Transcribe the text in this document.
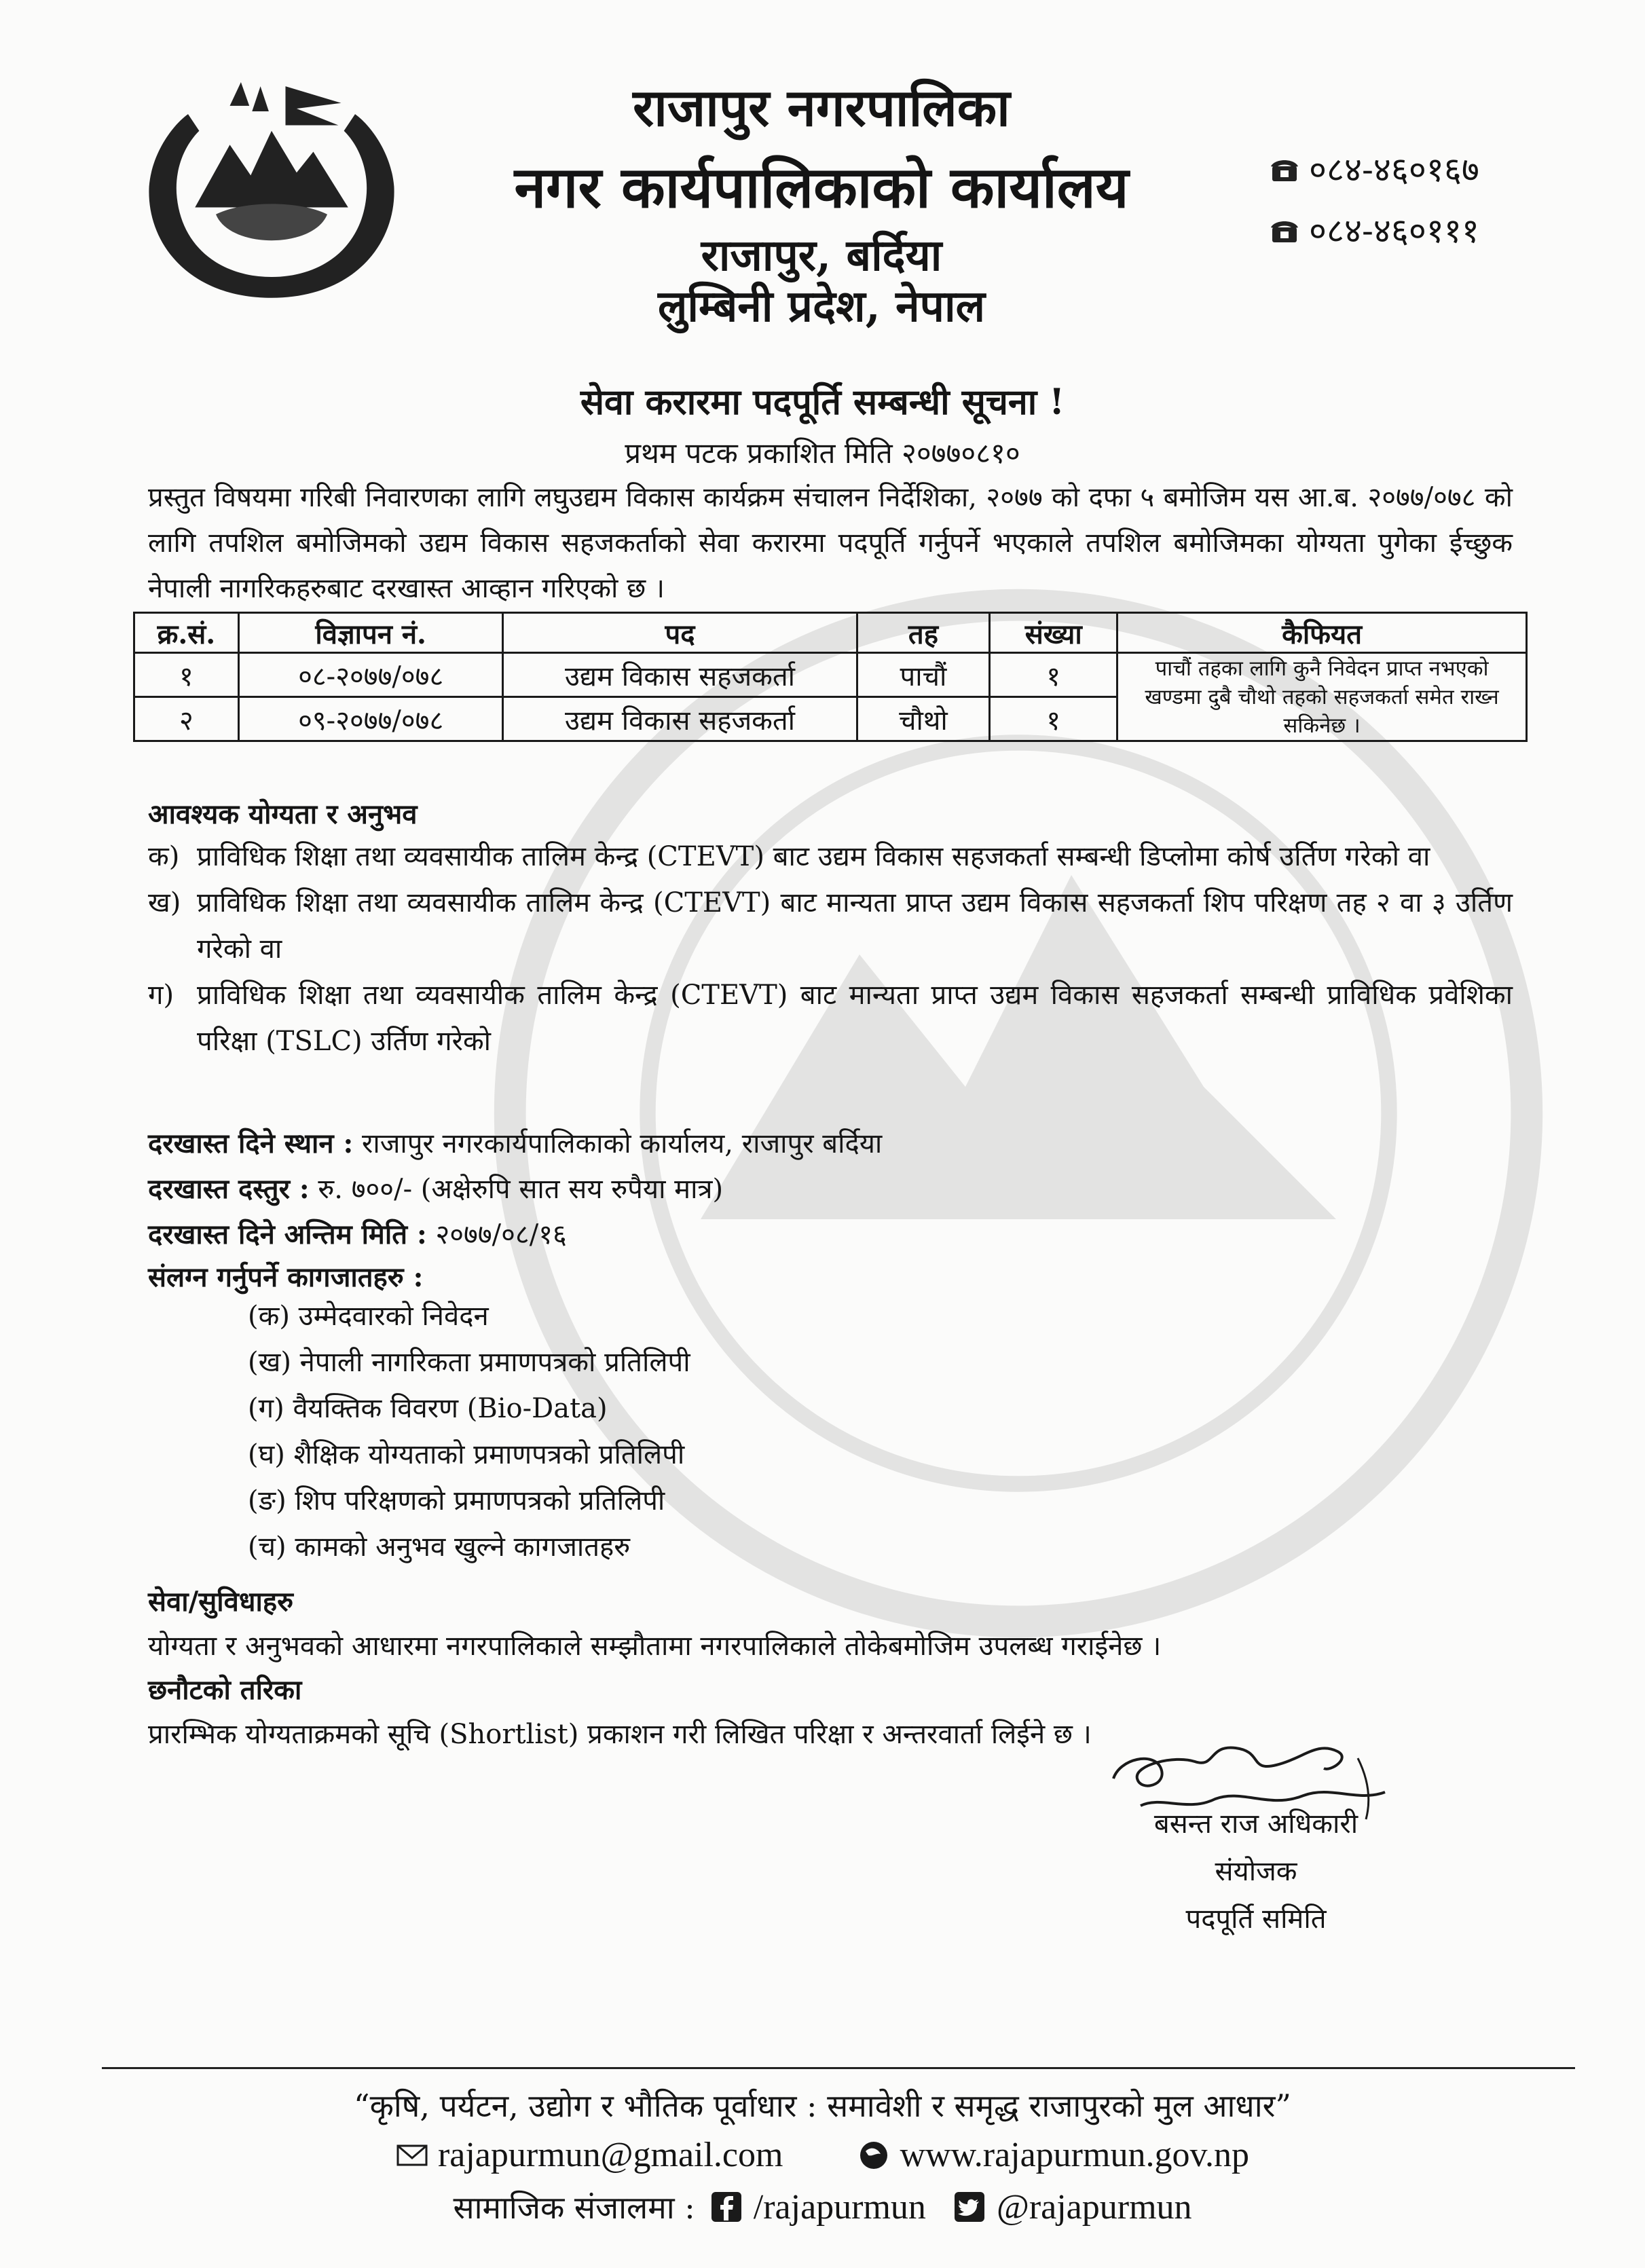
राजापुर नगरपालिका
नगर कार्यपालिकाको कार्यालय
राजापुर, बर्दिया
लुम्बिनी प्रदेश, नेपाल
०८४-४६०१६७
०८४-४६०१११
सेवा करारमा पदपूर्ति सम्बन्धी सूचना !
प्रथम पटक प्रकाशित मिति २०७७०८१०
प्रस्तुत विषयमा गरिबी निवारणका लागि लघुउद्यम विकास कार्यक्रम संचालन निर्देशिका, २०७७ को दफा ५ बमोजिम यस आ.ब. २०७७/०७८ को लागि तपशिल बमोजिमको उद्यम विकास सहजकर्ताको सेवा करारमा पदपूर्ति गर्नुपर्ने भएकाले तपशिल बमोजिमका योग्यता पुगेका ईच्छुक नेपाली नागरिकहरुबाट दरखास्त आव्हान गरिएको छ ।
क्र.सं.	विज्ञापन नं.	पद	तह	संख्या	कैफियत
१	०८-२०७७/०७८	उद्यम विकास सहजकर्ता	पाचौं	१	पाचौं तहका लागि कुनै निवेदन प्राप्त नभएको खण्डमा दुबै चौथो तहको सहजकर्ता समेत राख्न सकिनेछ ।
२	०९-२०७७/०७८	उद्यम विकास सहजकर्ता	चौथो	१	
आवश्यक योग्यता र अनुभव
क) प्राविधिक शिक्षा तथा व्यवसायीक तालिम केन्द्र (CTEVT) बाट उद्यम विकास सहजकर्ता सम्बन्धी डिप्लोमा कोर्ष उर्तिण गरेको वा
ख) प्राविधिक शिक्षा तथा व्यवसायीक तालिम केन्द्र (CTEVT) बाट मान्यता प्राप्त उद्यम विकास सहजकर्ता शिप परिक्षण तह २ वा ३ उर्तिण गरेको वा
ग) प्राविधिक शिक्षा तथा व्यवसायीक तालिम केन्द्र (CTEVT) बाट मान्यता प्राप्त उद्यम विकास सहजकर्ता सम्बन्धी प्राविधिक प्रवेशिका परिक्षा (TSLC) उर्तिण गरेको
दरखास्त दिने स्थान : राजापुर नगरकार्यपालिकाको कार्यालय, राजापुर बर्दिया
दरखास्त दस्तुर : रु. ७००/- (अक्षेरुपि सात सय रुपैया मात्र)
दरखास्त दिने अन्तिम मिति : २०७७/०८/१६
संलग्न गर्नुपर्ने कागजातहरु :
(क) उम्मेदवारको निवेदन
(ख) नेपाली नागरिकता प्रमाणपत्रको प्रतिलिपी
(ग) वैयक्तिक विवरण (Bio-Data)
(घ) शैक्षिक योग्यताको प्रमाणपत्रको प्रतिलिपी
(ङ) शिप परिक्षणको प्रमाणपत्रको प्रतिलिपी
(च) कामको अनुभव खुल्ने कागजातहरु
सेवा/सुविधाहरु
योग्यता र अनुभवको आधारमा नगरपालिकाले सम्झौतामा नगरपालिकाले तोकेबमोजिम उपलब्ध गराईनेछ ।
छनौटको तरिका
प्रारम्भिक योग्यताक्रमको सूचि (Shortlist) प्रकाशन गरी लिखित परिक्षा र अन्तरवार्ता लिईने छ ।
बसन्त राज अधिकारी
संयोजक
पदपूर्ति समिति
“कृषि, पर्यटन, उद्योग र भौतिक पूर्वाधार : समावेशी र समृद्ध राजापुरको मुल आधार”
rajapurmun@gmail.com	www.rajapurmun.gov.np
सामाजिक संजालमा : /rajapurmun @rajapurmun
